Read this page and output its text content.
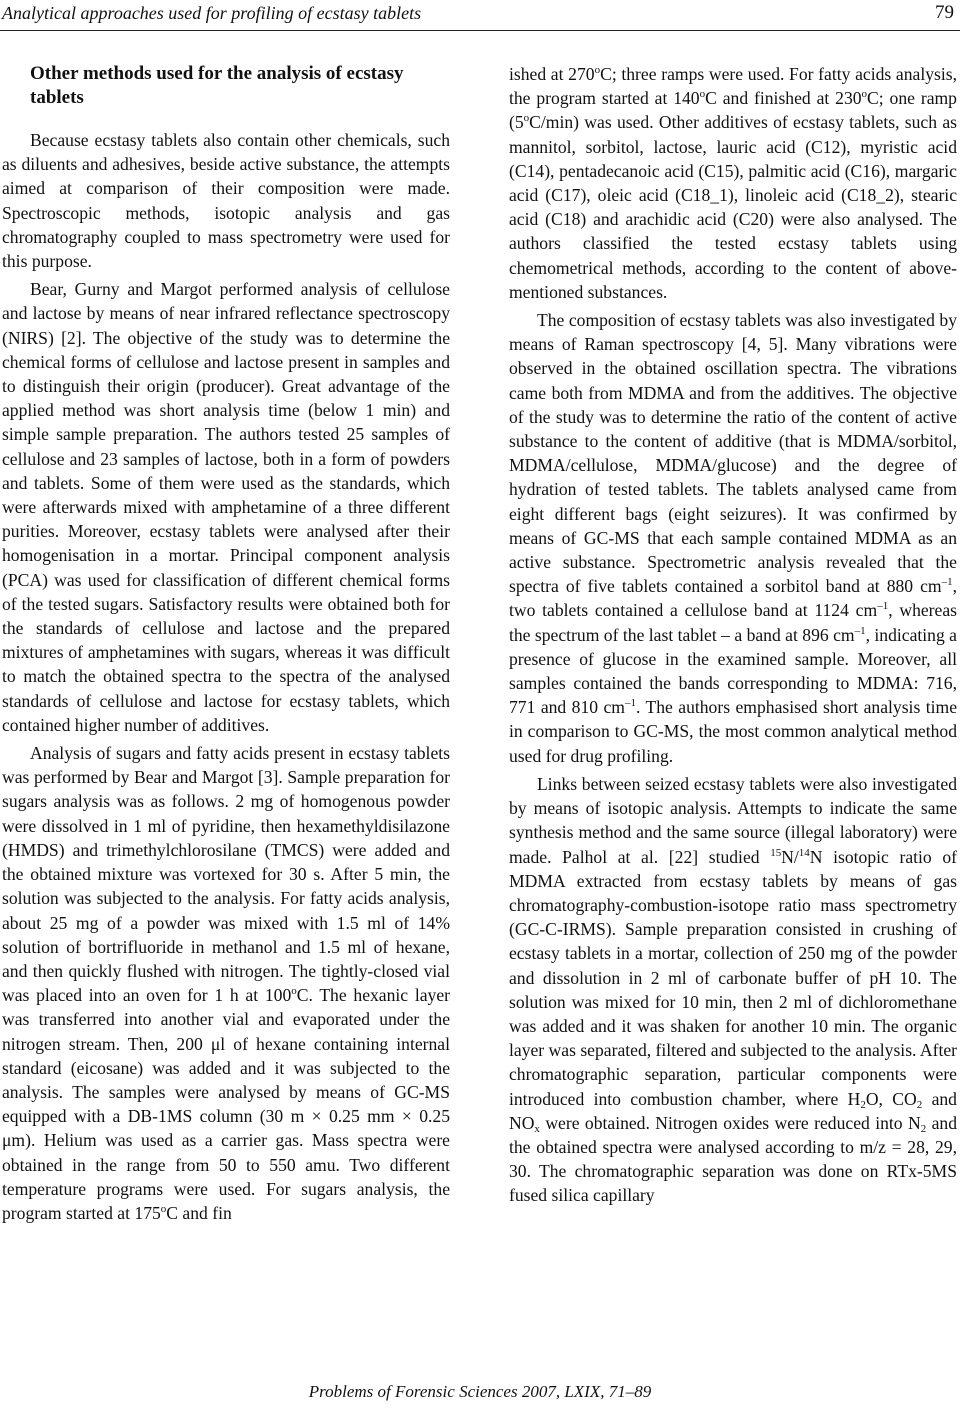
Analytical approaches used for profiling of ecstasy tablets	79
Other methods used for the analysis of ecstasy tablets

Because ecstasy tablets also contain other chemicals, such as diluents and adhesives, beside active substance, the attempts aimed at comparison of their composition were made. Spectroscopic methods, isotopic analysis and gas chromatography coupled to mass spectrometry were used for this purpose.

Bear, Gurny and Margot performed analysis of cellulose and lactose by means of near infrared reflectance spectroscopy (NIRS) [2]. The objective of the study was to determine the chemical forms of cellulose and lactose present in samples and to distinguish their origin (producer). Great advantage of the applied method was short analysis time (below 1 min) and simple sample preparation. The authors tested 25 samples of cellulose and 23 samples of lactose, both in a form of powders and tablets. Some of them were used as the standards, which were afterwards mixed with amphetamine of a three different purities. Moreover, ecstasy tablets were analysed after their homogenisation in a mortar. Principal component analysis (PCA) was used for classification of different chemical forms of the tested sugars. Satisfactory results were obtained both for the standards of cellulose and lactose and the prepared mixtures of amphetamines with sugars, whereas it was difficult to match the obtained spectra to the spectra of the analysed standards of cellulose and lactose for ecstasy tablets, which contained higher number of additives.

Analysis of sugars and fatty acids present in ecstasy tablets was performed by Bear and Margot [3]. Sample preparation for sugars analysis was as follows. 2 mg of homogenous powder were dissolved in 1 ml of pyridine, then hexamethyldisilazone (HMDS) and trimethylchlorosilane (TMCS) were added and the obtained mixture was vortexed for 30 s. After 5 min, the solution was subjected to the analysis. For fatty acids analysis, about 25 mg of a powder was mixed with 1.5 ml of 14% solution of bortrifluoride in methanol and 1.5 ml of hexane, and then quickly flushed with nitrogen. The tightly-closed vial was placed into an oven for 1 h at 100$^o$C. The hexanic layer was transferred into another vial and evaporated under the nitrogen stream. Then, 200 μl of hexane containing internal standard (eicosane) was added and it was subjected to the analysis. The samples were analysed by means of GC-MS equipped with a DB-1MS column (30 m × 0.25 mm × 0.25 μm). Helium was used as a carrier gas. Mass spectra were obtained in the range from 50 to 550 amu. Two different temperature programs were used. For sugars analysis, the program started at 175$^o$C and fin

ished at 270$^o$C; three ramps were used. For fatty acids analysis, the program started at 140$^o$C and finished at 230$^o$C; one ramp (5$^o$C/min) was used. Other additives of ecstasy tablets, such as mannitol, sorbitol, lactose, lauric acid (C12), myristic acid (C14), pentadecanoic acid (C15), palmitic acid (C16), margaric acid (C17), oleic acid (C18_1), linoleic acid (C18_2), stearic acid (C18) and arachidic acid (C20) were also analysed. The authors classified the tested ecstasy tablets using chemometrical methods, according to the content of above-mentioned substances.

The composition of ecstasy tablets was also investigated by means of Raman spectroscopy [4, 5]. Many vibrations were observed in the obtained oscillation spectra. The vibrations came both from MDMA and from the additives. The objective of the study was to determine the ratio of the content of active substance to the content of additive (that is MDMA/sorbitol, MDMA/cellulose, MDMA/glucose) and the degree of hydration of tested tablets. The tablets analysed came from eight different bags (eight seizures). It was confirmed by means of GC-MS that each sample contained MDMA as an active substance. Spectrometric analysis revealed that the spectra of five tablets contained a sorbitol band at 880 $cm^{-1}$, two tablets contained a cellulose band at 1124 $cm^{-1}$, whereas the spectrum of the last tablet – a band at 896 $cm^{-1}$, indicating a presence of glucose in the examined sample. Moreover, all samples contained the bands corresponding to MDMA: 716, 771 and 810 $cm^{-1}$. The authors emphasised short analysis time in comparison to GC-MS, the most common analytical method used for drug profiling.

Links between seized ecstasy tablets were also investigated by means of isotopic analysis. Attempts to indicate the same synthesis method and the same source (illegal laboratory) were made. Palhol at al. [22] studied $^{15}$N/$^{14}$N isotopic ratio of MDMA extracted from ecstasy tablets by means of gas chromatography-combustion-isotope ratio mass spectrometry (GC-C-IRMS). Sample preparation consisted in crushing of ecstasy tablets in a mortar, collection of 250 mg of the powder and dissolution in 2 ml of carbonate buffer of pH 10. The solution was mixed for 10 min, then 2 ml of dichloromethane was added and it was shaken for another 10 min. The organic layer was separated, filtered and subjected to the analysis. After chromatographic separation, particular components were introduced into combustion chamber, where $H_2O$, $CO_2$ and $NO_x$ were obtained. Nitrogen oxides were reduced into $N_2$ and the obtained spectra were analysed according to m/z = 28, 29, 30. The chromatographic separation was done on RTx-5MS fused silica capillary

Problems of Forensic Sciences 2007, LXIX, 71–89
